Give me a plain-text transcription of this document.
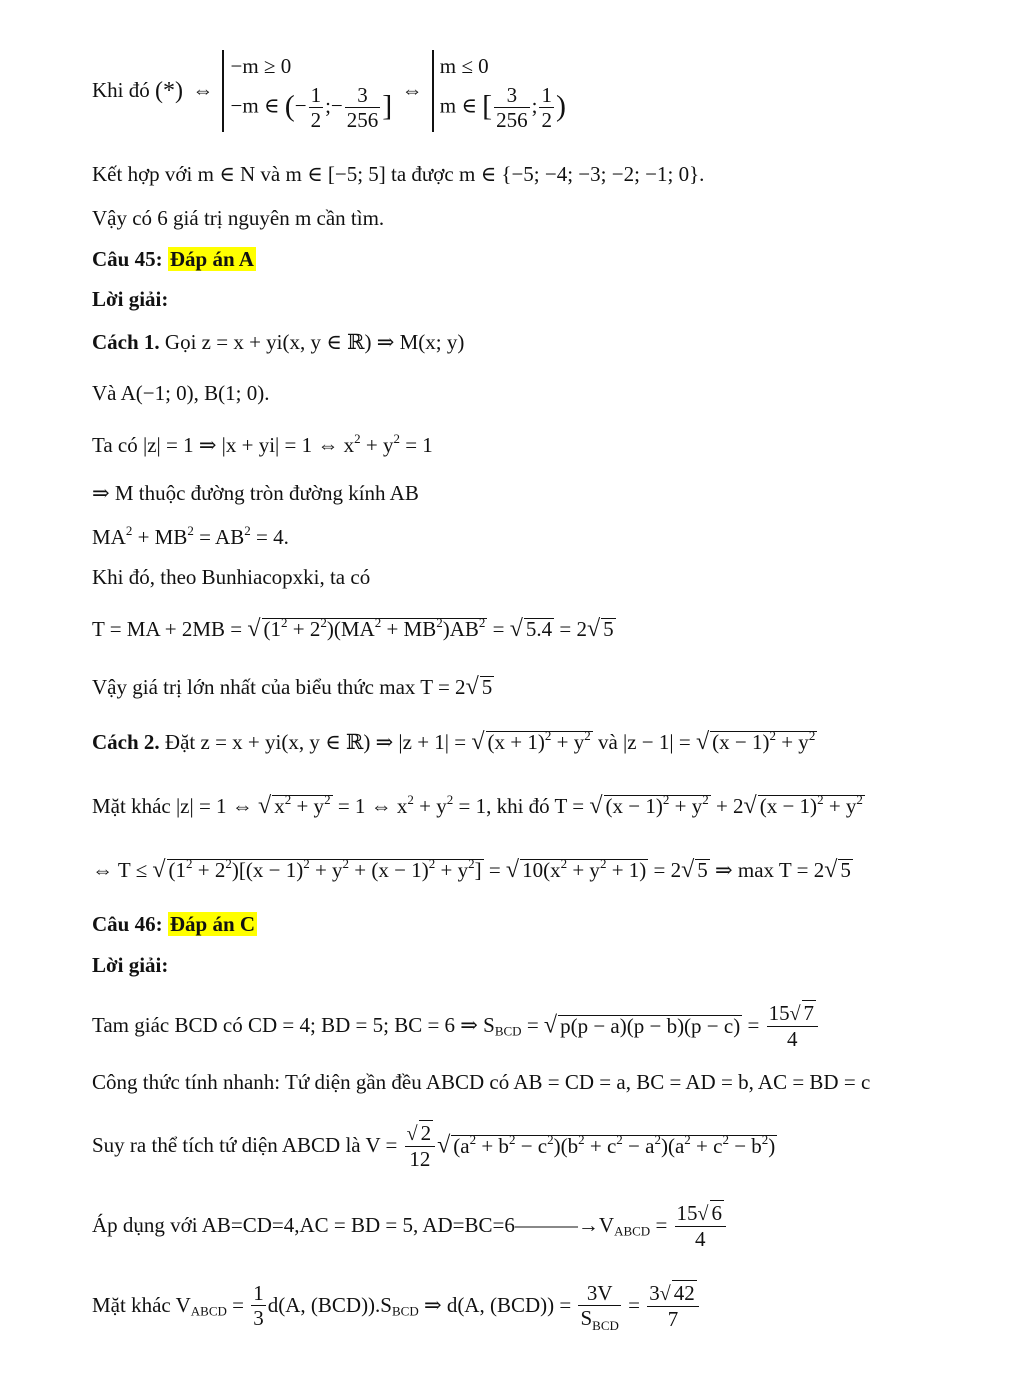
Khi đó (*) ⇔
−m ≥ 0
−m ∈ (− $\frac{1}{2}$ ;− $\frac{3}{256}$ ] ⇔
m ≤ 0
m ∈ [ $\frac{3}{256}$ ; $\frac{1}{2}$ )
Kết hợp với m ∈ N và m ∈ [−5; 5] ta được m ∈ {−5; −4; −3; −2; −1; 0}.
Vậy có 6 giá trị nguyên m cần tìm.
Câu 45: Đáp án A
Lời giải:
Cách 1. Gọi z = x + yi(x, y ∈ ℝ) ⇒ M(x; y)
Và A(−1; 0), B(1; 0).
Ta có |z| = 1 ⇒ |x + yi| = 1 ⇔ $x^2 + y^2 = 1$
⇒ M thuộc đường tròn đường kính AB
$MA^2 + MB^2 = AB^2 = 4$.
Khi đó, theo Bunhiacopxki, ta có
T = MA + 2MB = √ $(1^2 + 2^2)(MA^2 + MB^2)AB^2$ = √ 5.4 = 2√ 5
Vậy giá trị lớn nhất của biểu thức max T = 2√ 5
Cách 2. Đặt z = x + yi(x, y ∈ ℝ) ⇒ |z + 1| = √ $(x + 1)^2 + y^2$ và |z − 1| = √ $(x - 1)^2 + y^2$
Mặt khác |z| = 1 ⇔ √ $x^2 + y^2 = 1$ ⇔ $x^2 + y^2 = 1$, khi đó T = √ $(x - 1)^2 + y^2 + 2√$ $(x - 1)^2 + y^2$
⇔ T ≤ √ $(1^2 + 2^2)[(x - 1)^2 + y^2 + (x - 1)^2 + y^2]$ = √ $10(x^2 + y^2 + 1) = 2√$ 5 ⇒ max T = 2√ 5
Câu 46: Đáp án C
Lời giải:
Tam giác BCD có CD = 4; BD = 5; BC = 6 ⇒ $S_{BCD}$ = √ $p(p - a)(p - b)(p - c) = \frac{15√ 7}{4}$
Công thức tính nhanh: Tứ diện gần đều ABCD có AB = CD = a, BC = AD = b, AC = BD = c
Suy ra thể tích tứ diện ABCD là $V = \frac{√ 2}{12}$ √ $(a^2 + b^2 - c^2)(b^2 + c^2 - a^2)(a^2 + c^2 - b^2)$
Áp dụng với AB=CD=4,AC = BD = 5, $AD=BC=6———\to V_{ABCD} = \frac{15√ 6}{4}$
Mặt khác $V_{ABCD} = \frac{1}{3} d(A$, $(BCD)).S_{BCD}$ ⇒ d(A, $(BCD)) = \frac{3V}{S_{BCD}} = \frac{3√ 42}{7}$
